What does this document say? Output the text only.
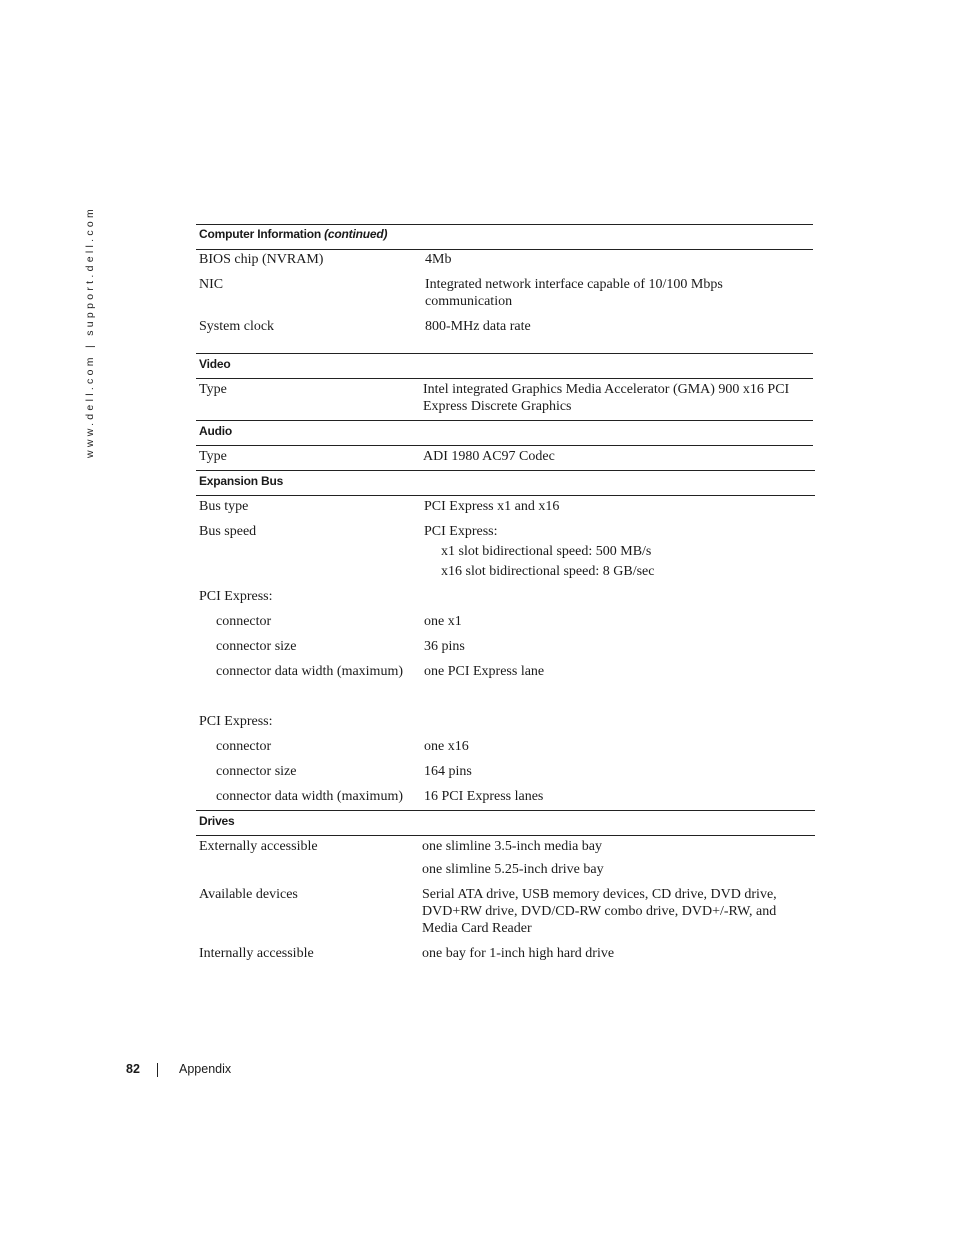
www.dell.com | support.dell.com	Computer Information (continued)
BIOS chip (NVRAM)	4Mb
NIC	Integrated network interface capable of 10/100 Mbps
communication
System clock	800-MHz data rate
Video
Type	Intel integrated Graphics Media Accelerator (GMA) 900 x16 PCI
Express Discrete Graphics
Audio
Type	ADI 1980 AC97 Codec
Expansion Bus
Bus type	PCI Express x1 and x16
Bus speed	PCI Express:
x1 slot bidirectional speed: 500 MB/s
x16 slot bidirectional speed: 8 GB/sec
PCI Express:
connector	one x1
connector size	36 pins
connector data width (maximum) one PCI Express lane
PCI Express:
connector	one x16
connector size	164 pins
connector data width (maximum) 16 PCI Express lanes
Drives
Externally accessible	one slimline 3.5-inch media bay
one slimline 5.25-inch drive bay
Available devices	Serial ATA drive, USB memory devices, CD drive, DVD drive,
DVD+RW drive, DVD/CD-RW combo drive, DVD+/-RW, and
Media Card Reader
Internally accessible	one bay for 1-inch high hard drive
82	Appendix
